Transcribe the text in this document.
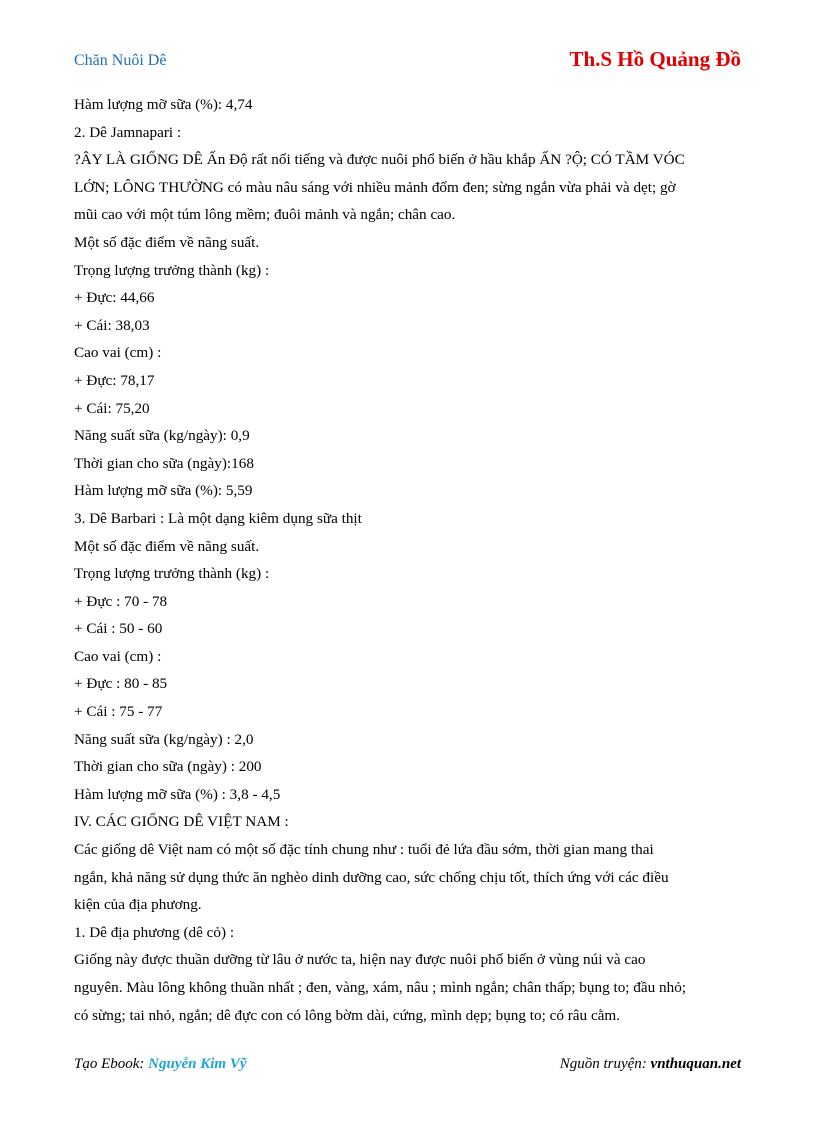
Chăn Nuôi Dê	Th.S Hồ Quảng Đồ
Hàm lượng mỡ sữa (%): 4,74
2. Dê Jamnapari :
?ÂY LÀ GIỐNG DÊ Ấn Độ rất nổi tiếng và được nuôi phổ biến ở hầu khắp ẤN ?Ộ; CÓ TẦM VÓC
LỚN; LÔNG THƯỜNG có màu nâu sáng với nhiều mảnh đốm đen; sừng ngắn vừa phải và dẹt; gờ
mũi cao với một túm lông mềm; đuôi mảnh và ngắn; chân cao.
Một số đặc điểm về năng suất.
Trọng lượng trưởng thành (kg) :
+ Đực: 44,66
+ Cái: 38,03
Cao vai (cm) :
+ Đực: 78,17
+ Cái: 75,20
Năng suất sữa (kg/ngày): 0,9
Thời gian cho sữa (ngày):168
Hàm lượng mỡ sữa (%): 5,59
3. Dê Barbari : Là một dạng kiêm dụng sữa thịt
Một số đặc điểm về năng suất.
Trọng lượng trưởng thành (kg) :
+ Đực : 70 - 78
+ Cái : 50 - 60
Cao vai (cm) :
+ Đực : 80 - 85
+ Cái : 75 - 77
Năng suất sữa (kg/ngày) : 2,0
Thời gian cho sữa (ngày) : 200
Hàm lượng mỡ sữa (%) : 3,8 - 4,5
IV. CÁC GIỐNG DÊ VIỆT NAM :
Các giống dê Việt nam có một số đặc tính chung như : tuổi đẻ lứa đầu sớm, thời gian mang thai
ngắn, khả năng sử dụng thức ăn nghèo dinh dưỡng cao, sức chống chịu tốt, thích ứng với các điều
kiện của địa phương.
1. Dê địa phương (dê cỏ) :
Giống này được thuần dưỡng từ lâu ở nước ta, hiện nay được nuôi phổ biến ở vùng núi và cao
nguyên. Màu lông không thuần nhất ; đen, vàng, xám, nâu ; mình ngắn; chân thấp; bụng to; đầu nhỏ;
có sừng; tai nhỏ, ngắn; dê đực con có lông bờm dài, cứng, mình dẹp; bụng to; có râu cằm.
Tạo Ebook: Nguyễn Kim Vỹ	Nguồn truyện: vnthuquan.net
